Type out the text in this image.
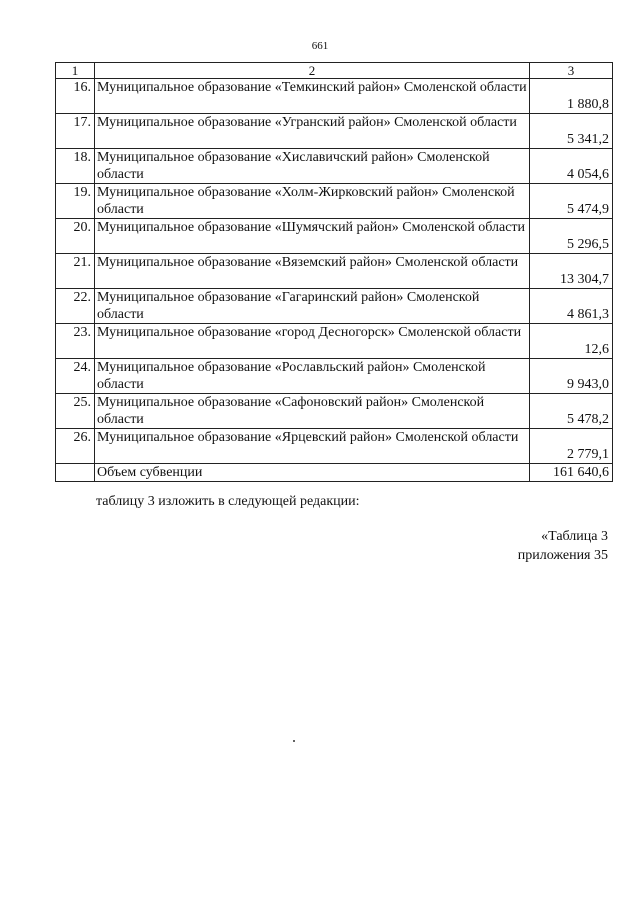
661
1	2	3
16.	Муниципальное образование «Темкинский район» Смоленской области	1 880,8
17.	Муниципальное образование «Угранский район» Смоленской области	5 341,2
18.	Муниципальное образование «Хиславичский район» Смоленской области	4 054,6
19.	Муниципальное образование «Холм-Жирковский район» Смоленской области	5 474,9
20.	Муниципальное образование «Шумячский район» Смоленской области	5 296,5
21.	Муниципальное образование «Вяземский район» Смоленской области	13 304,7
22.	Муниципальное образование «Гагаринский район» Смоленской области	4 861,3
23.	Муниципальное образование «город Десногорск» Смоленской области	12,6
24.	Муниципальное образование «Рославльский район» Смоленской области	9 943,0
25.	Муниципальное образование «Сафоновский район» Смоленской области	5 478,2
26.	Муниципальное образование «Ярцевский район» Смоленской области	2 779,1
	Объем субвенции	161 640,6
таблицу 3 изложить в следующей редакции:
«Таблица 3
приложения 35
